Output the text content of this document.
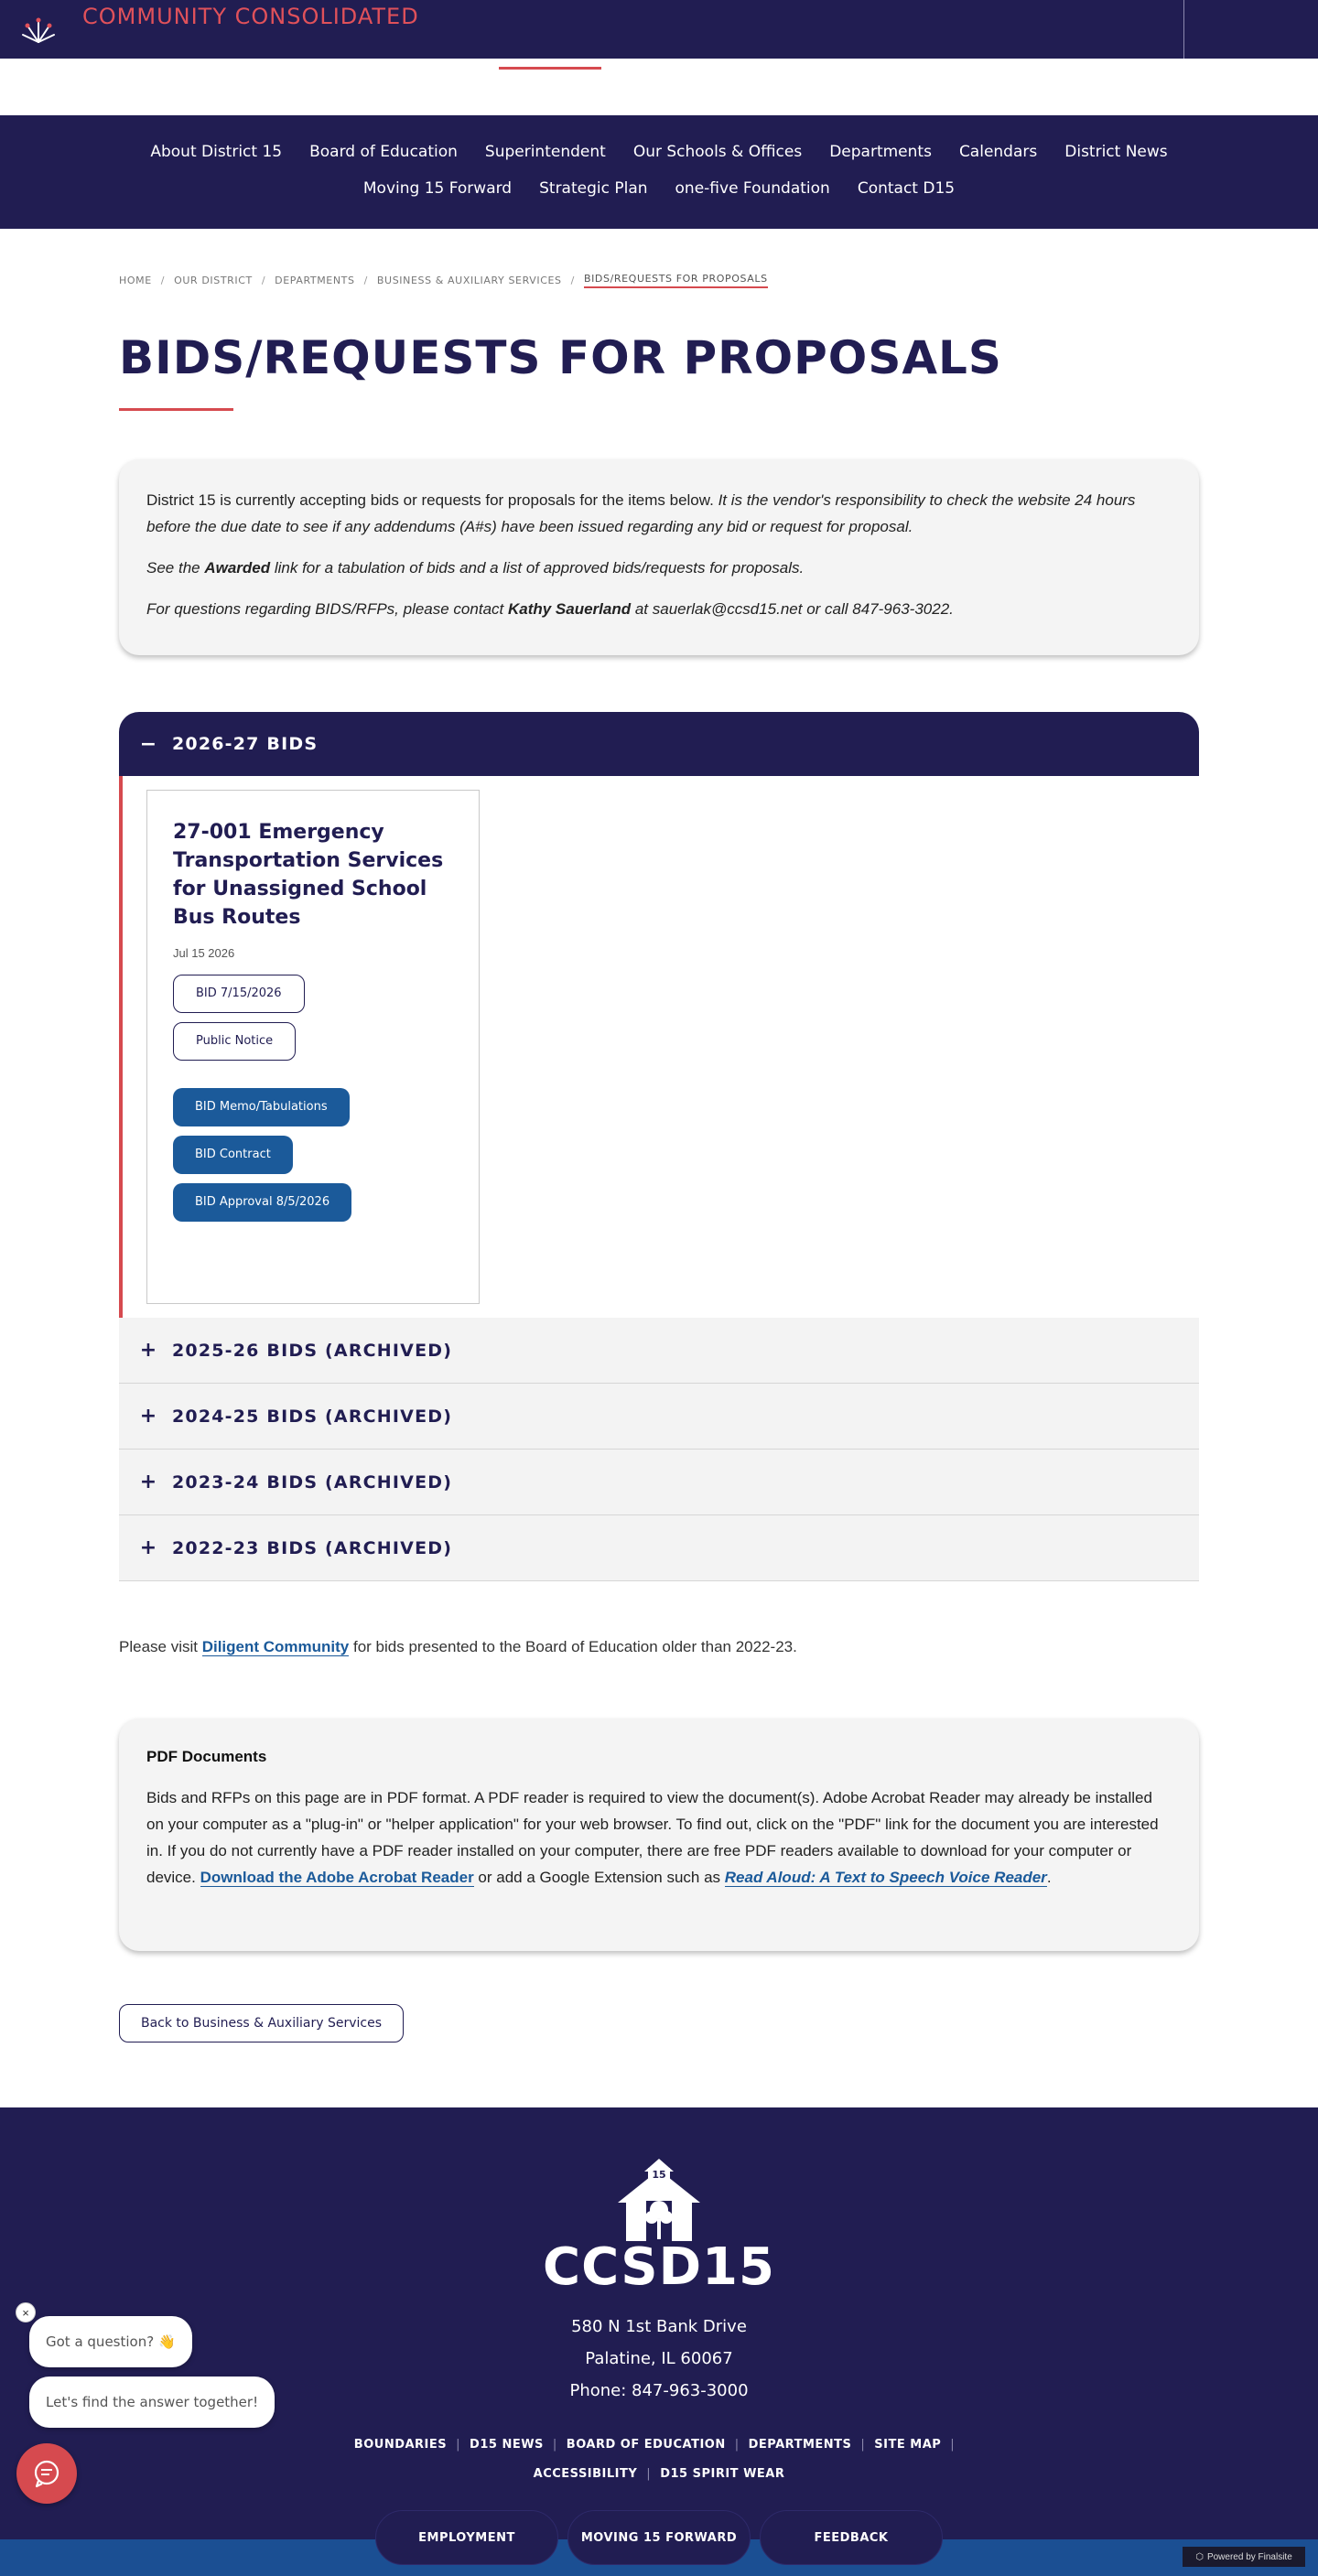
COMMUNITY CONSOLIDATED
About District 15	Board of Education	Superintendent	Our Schools & Offices	Departments	Calendars	District News
Moving 15 Forward	Strategic Plan	one-five Foundation	Contact D15
HOME / OUR DISTRICT / DEPARTMENTS / BUSINESS & AUXILIARY SERVICES / BIDS/REQUESTS FOR PROPOSALS
BIDS/REQUESTS FOR PROPOSALS

District 15 is currently accepting bids or requests for proposals for the items below. It is the vendor's responsibility to check the website 24 hours before the due date to see if any addendums (A#s) have been issued regarding any bid or request for proposal.

See the Awarded link for a tabulation of bids and a list of approved bids/requests for proposals.

For questions regarding BIDS/RFPs, please contact Kathy Sauerland at sauerlak@ccsd15.net or call 847-963-3022.

− 2026-27 BIDS
27-001 Emergency Transportation Services for Unassigned School Bus Routes
Jul 15 2026
BID 7/15/2026
Public Notice
BID Memo/Tabulations
BID Contract
BID Approval 8/5/2026
+ 2025-26 BIDS (ARCHIVED)
+ 2024-25 BIDS (ARCHIVED)
+ 2023-24 BIDS (ARCHIVED)
+ 2022-23 BIDS (ARCHIVED)

Please visit Diligent Community for bids presented to the Board of Education older than 2022-23.

PDF Documents

Bids and RFPs on this page are in PDF format. A PDF reader is required to view the document(s). Adobe Acrobat Reader may already be installed on your computer as a "plug-in" or "helper application" for your web browser. To find out, click on the "PDF" link for the document you are interested in. If you do not currently have a PDF reader installed on your computer, there are free PDF readers available to download for your computer or device. Download the Adobe Acrobat Reader or add a Google Extension such as Read Aloud: A Text to Speech Voice Reader.

Back to Business & Auxiliary Services
15
CCSD15
580 N 1st Bank Drive
Palatine, IL 60067
Phone: 847-963-3000
BOUNDARIES | D15 NEWS | BOARD OF EDUCATION | DEPARTMENTS | SITE MAP |
ACCESSIBILITY | D15 SPIRIT WEAR
EMPLOYMENT	MOVING 15 FORWARD	FEEDBACK
⬡ Powered by Finalsite
×
Got a question? 👋
Let's find the answer together!
